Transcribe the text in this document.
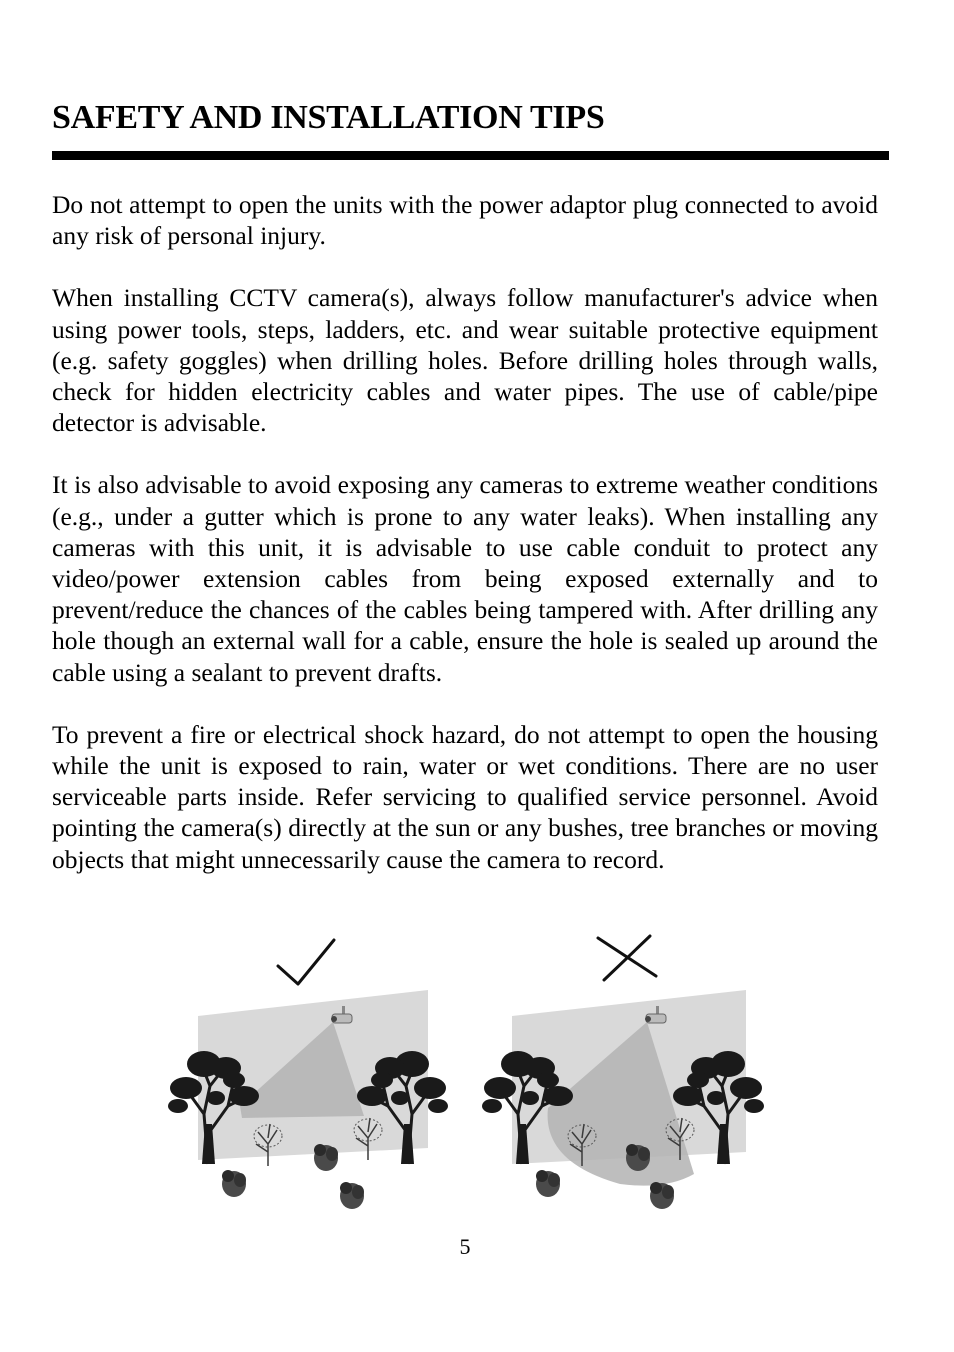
SAFETY AND INSTALLATION TIPS

Do not attempt to open the units with the power adaptor plug connected to avoid any risk of personal injury.

When installing CCTV camera(s), always follow manufacturer's advice when using power tools, steps, ladders, etc. and wear suitable protective equipment (e.g. safety goggles) when drilling holes. Before drilling holes through walls, check for hidden electricity cables and water pipes. The use of cable/pipe detector is advisable.

It is also advisable to avoid exposing any cameras to extreme weather conditions (e.g., under a gutter which is prone to any water leaks). When installing any cameras with this unit, it is advisable to use cable conduit to protect any video/power extension cables from being exposed externally and to prevent/reduce the chances of the cables being tampered with. After drilling any hole though an external wall for a cable, ensure the hole is sealed up around the cable using a sealant to prevent drafts.

To prevent a fire or electrical shock hazard, do not attempt to open the housing while the unit is exposed to rain, water or wet conditions. There are no user serviceable parts inside. Refer servicing to qualified service personnel. Avoid pointing the camera(s) directly at the sun or any bushes, tree branches or moving objects that might unnecessarily cause the camera to record.

5
